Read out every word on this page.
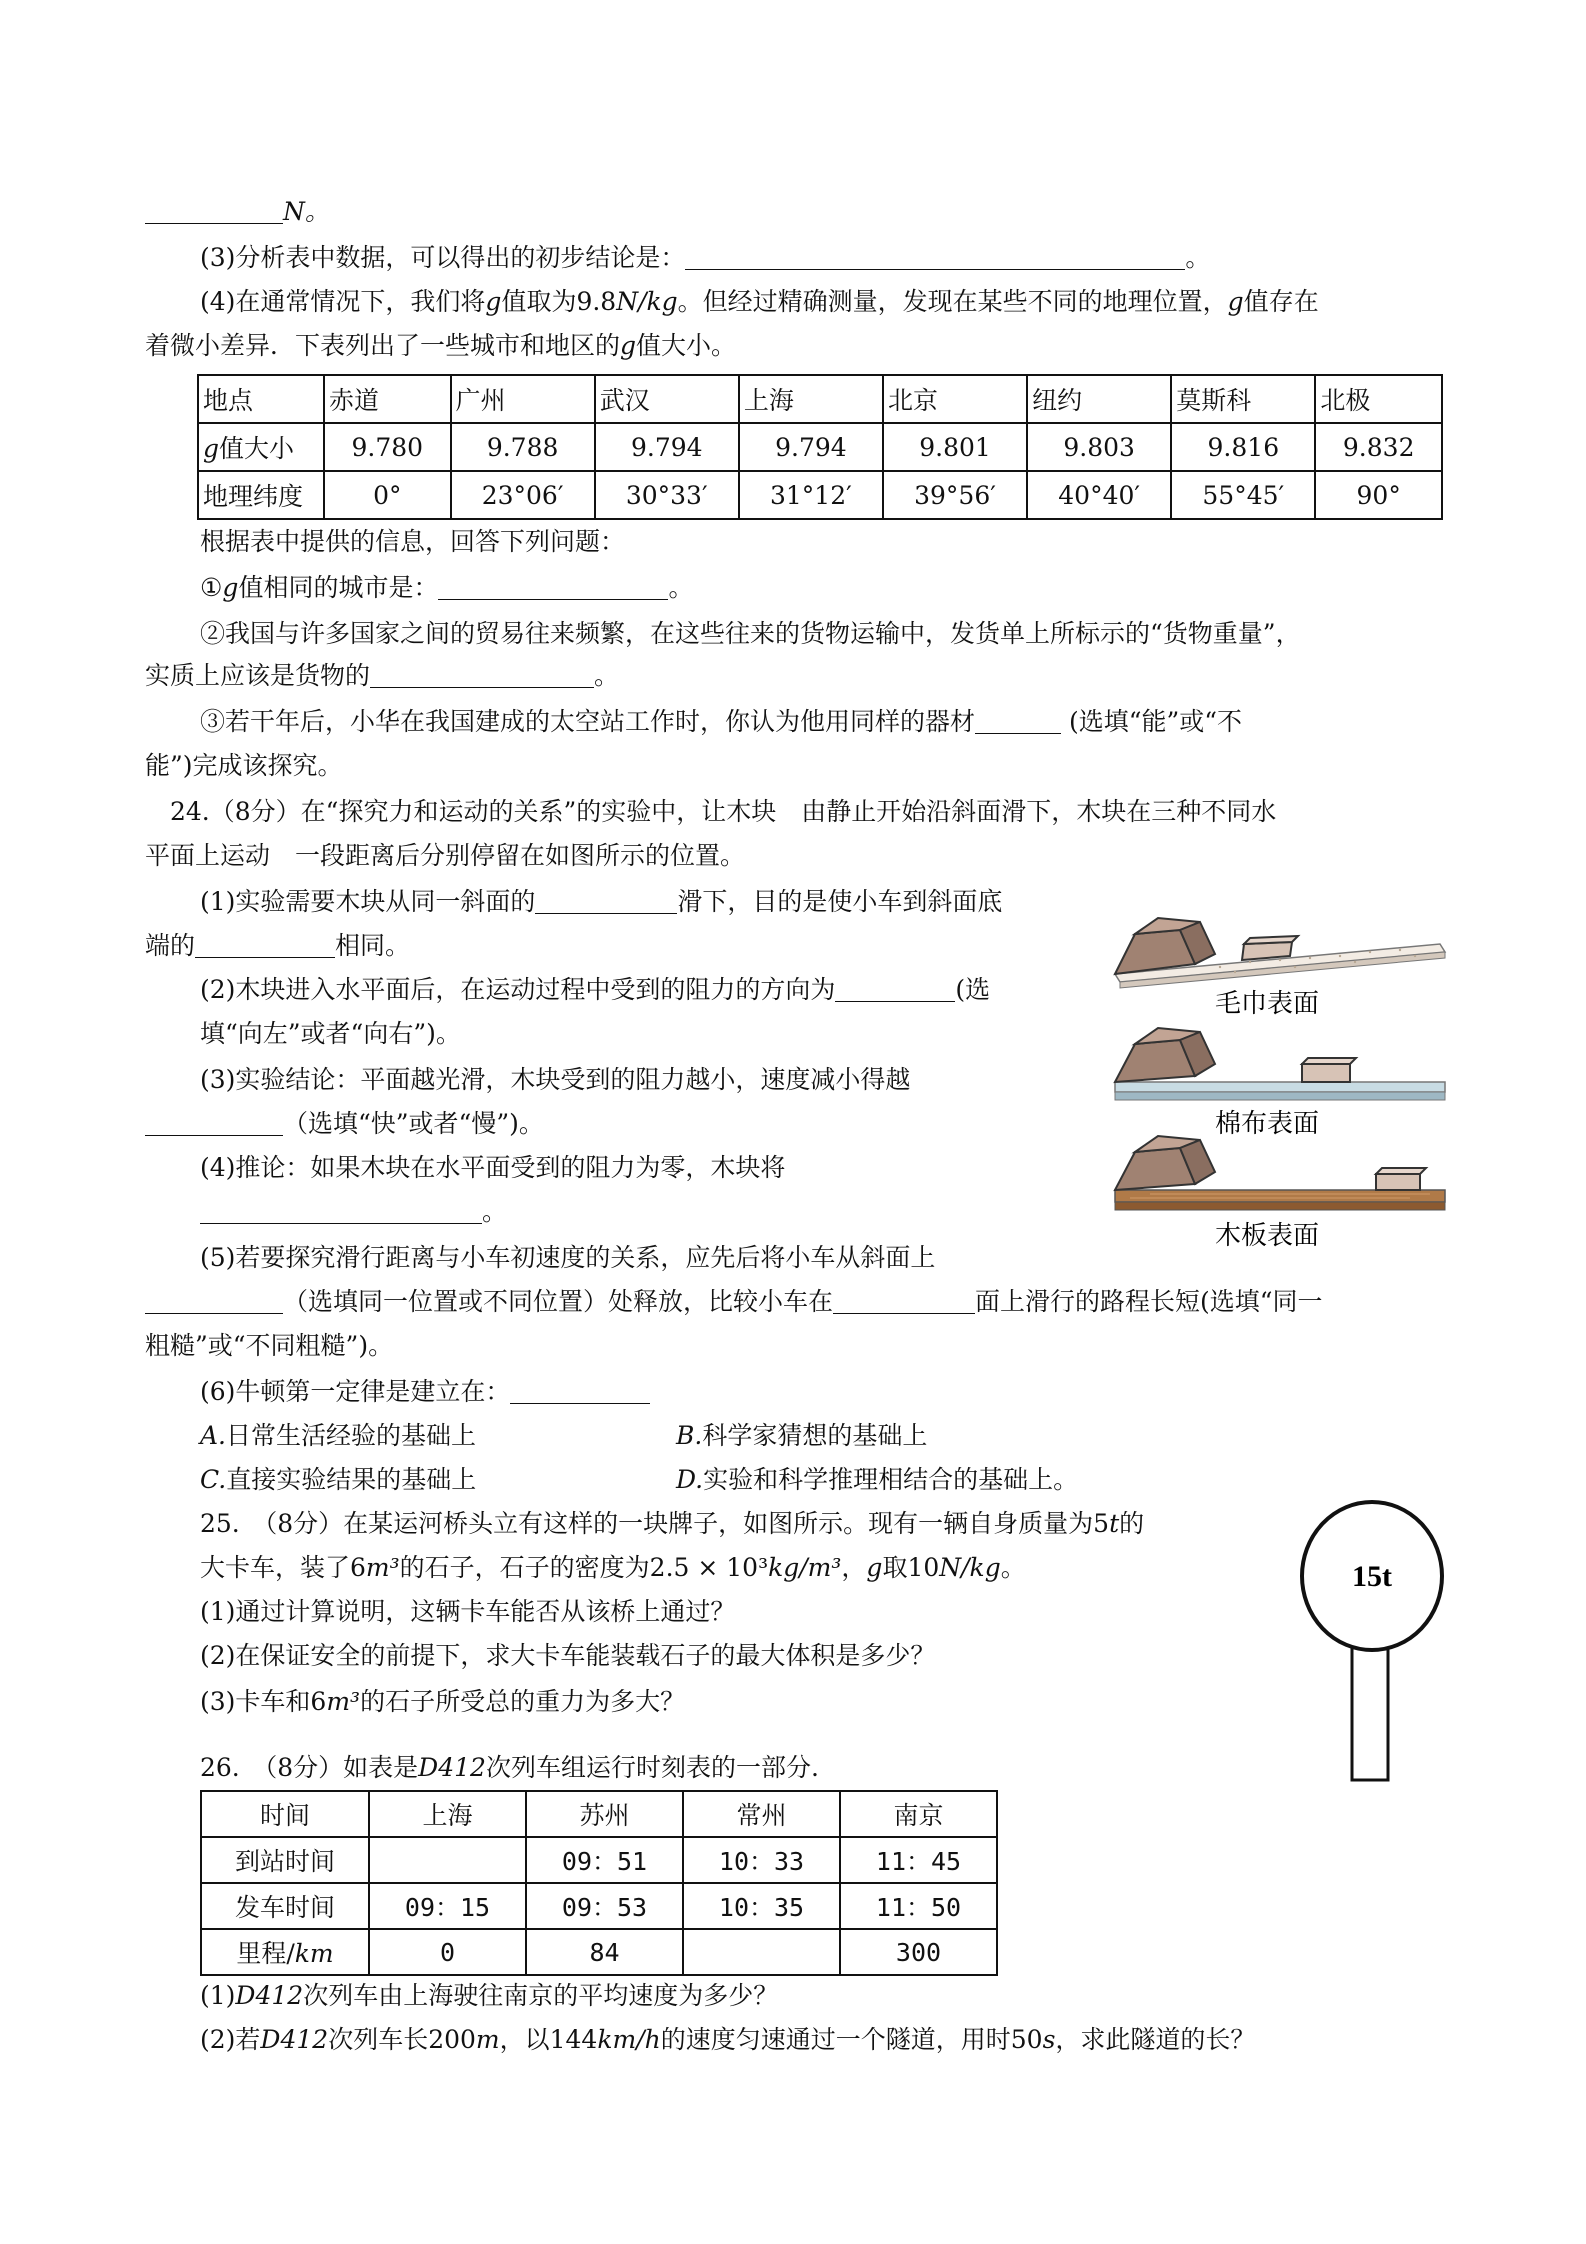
N。
(3)分析表中数据，可以得出的初步结论是：	。
(4)在通常情况下，我们将g值取为9.8N/kg。但经过精确测量，发现在某些不同的地理位置，g值存在
着微小差异．下表列出了一些城市和地区的g值大小。
地点	赤道	广州	武汉	上海	北京	纽约	莫斯科	北极
g值大小	9.780	9.788	9.794	9.794	9.801	9.803	9.816	9.832
地理纬度	0°	23°06′	30°33′	31°12′	39°56′	40°40′	55°45′	90°
根据表中提供的信息，回答下列问题：
①g值相同的城市是：	。
②我国与许多国家之间的贸易往来频繁，在这些往来的货物运输中，发货单上所标示的“货物重量”，
实质上应该是货物的	。
③若干年后，小华在我国建成的太空站工作时，你认为他用同样的器材	(选填“能”或“不
能”)完成该探究。
24.（8分）在“探究力和运动的关系”的实验中，让木块　由静止开始沿斜面滑下，木块在三种不同水
平面上运动　一段距离后分别停留在如图所示的位置。
(1)实验需要木块从同一斜面的	滑下，目的是使小车到斜面底
端的	相同。
(2)木块进入水平面后，在运动过程中受到的阻力的方向为	(选
填“向左”或者“向右”)。
(3)实验结论：平面越光滑，木块受到的阻力越小，速度减小得越
（选填“快”或者“慢”)。
(4)推论：如果木块在水平面受到的阻力为零，木块将
。
(5)若要探究滑行距离与小车初速度的关系，应先后将小车从斜面上
（选填同一位置或不同位置）处释放，比较小车在	面上滑行的路程长短(选填“同一
粗糙”或“不同粗糙”)。
(6)牛顿第一定律是建立在：
A.日常生活经验的基础上	B.科学家猜想的基础上
C.直接实验结果的基础上	D.实验和科学推理相结合的基础上。
毛巾表面
棉布表面
木板表面
25.　（8分）在某运河桥头立有这样的一块牌子，如图所示。现有一辆自身质量为5t的
大卡车，装了6m³的石子，石子的密度为2.5 × 10³kg/m³，g取10N/kg。
(1)通过计算说明，这辆卡车能否从该桥上通过？
(2)在保证安全的前提下，求大卡车能装载石子的最大体积是多少？
(3)卡车和6m³的石子所受总的重力为多大？
15t
26.　（8分）如表是D412次列车组运行时刻表的一部分.
时间	上海	苏州	常州	南京
到站时间		09：51	10：33	11：45
发车时间	09：15	09：53	10：35	11：50
里程/km	0	84		300
(1)D412次列车由上海驶往南京的平均速度为多少？
(2)若D412次列车长200m，以144km/h的速度匀速通过一个隧道，用时50s，求此隧道的长？
